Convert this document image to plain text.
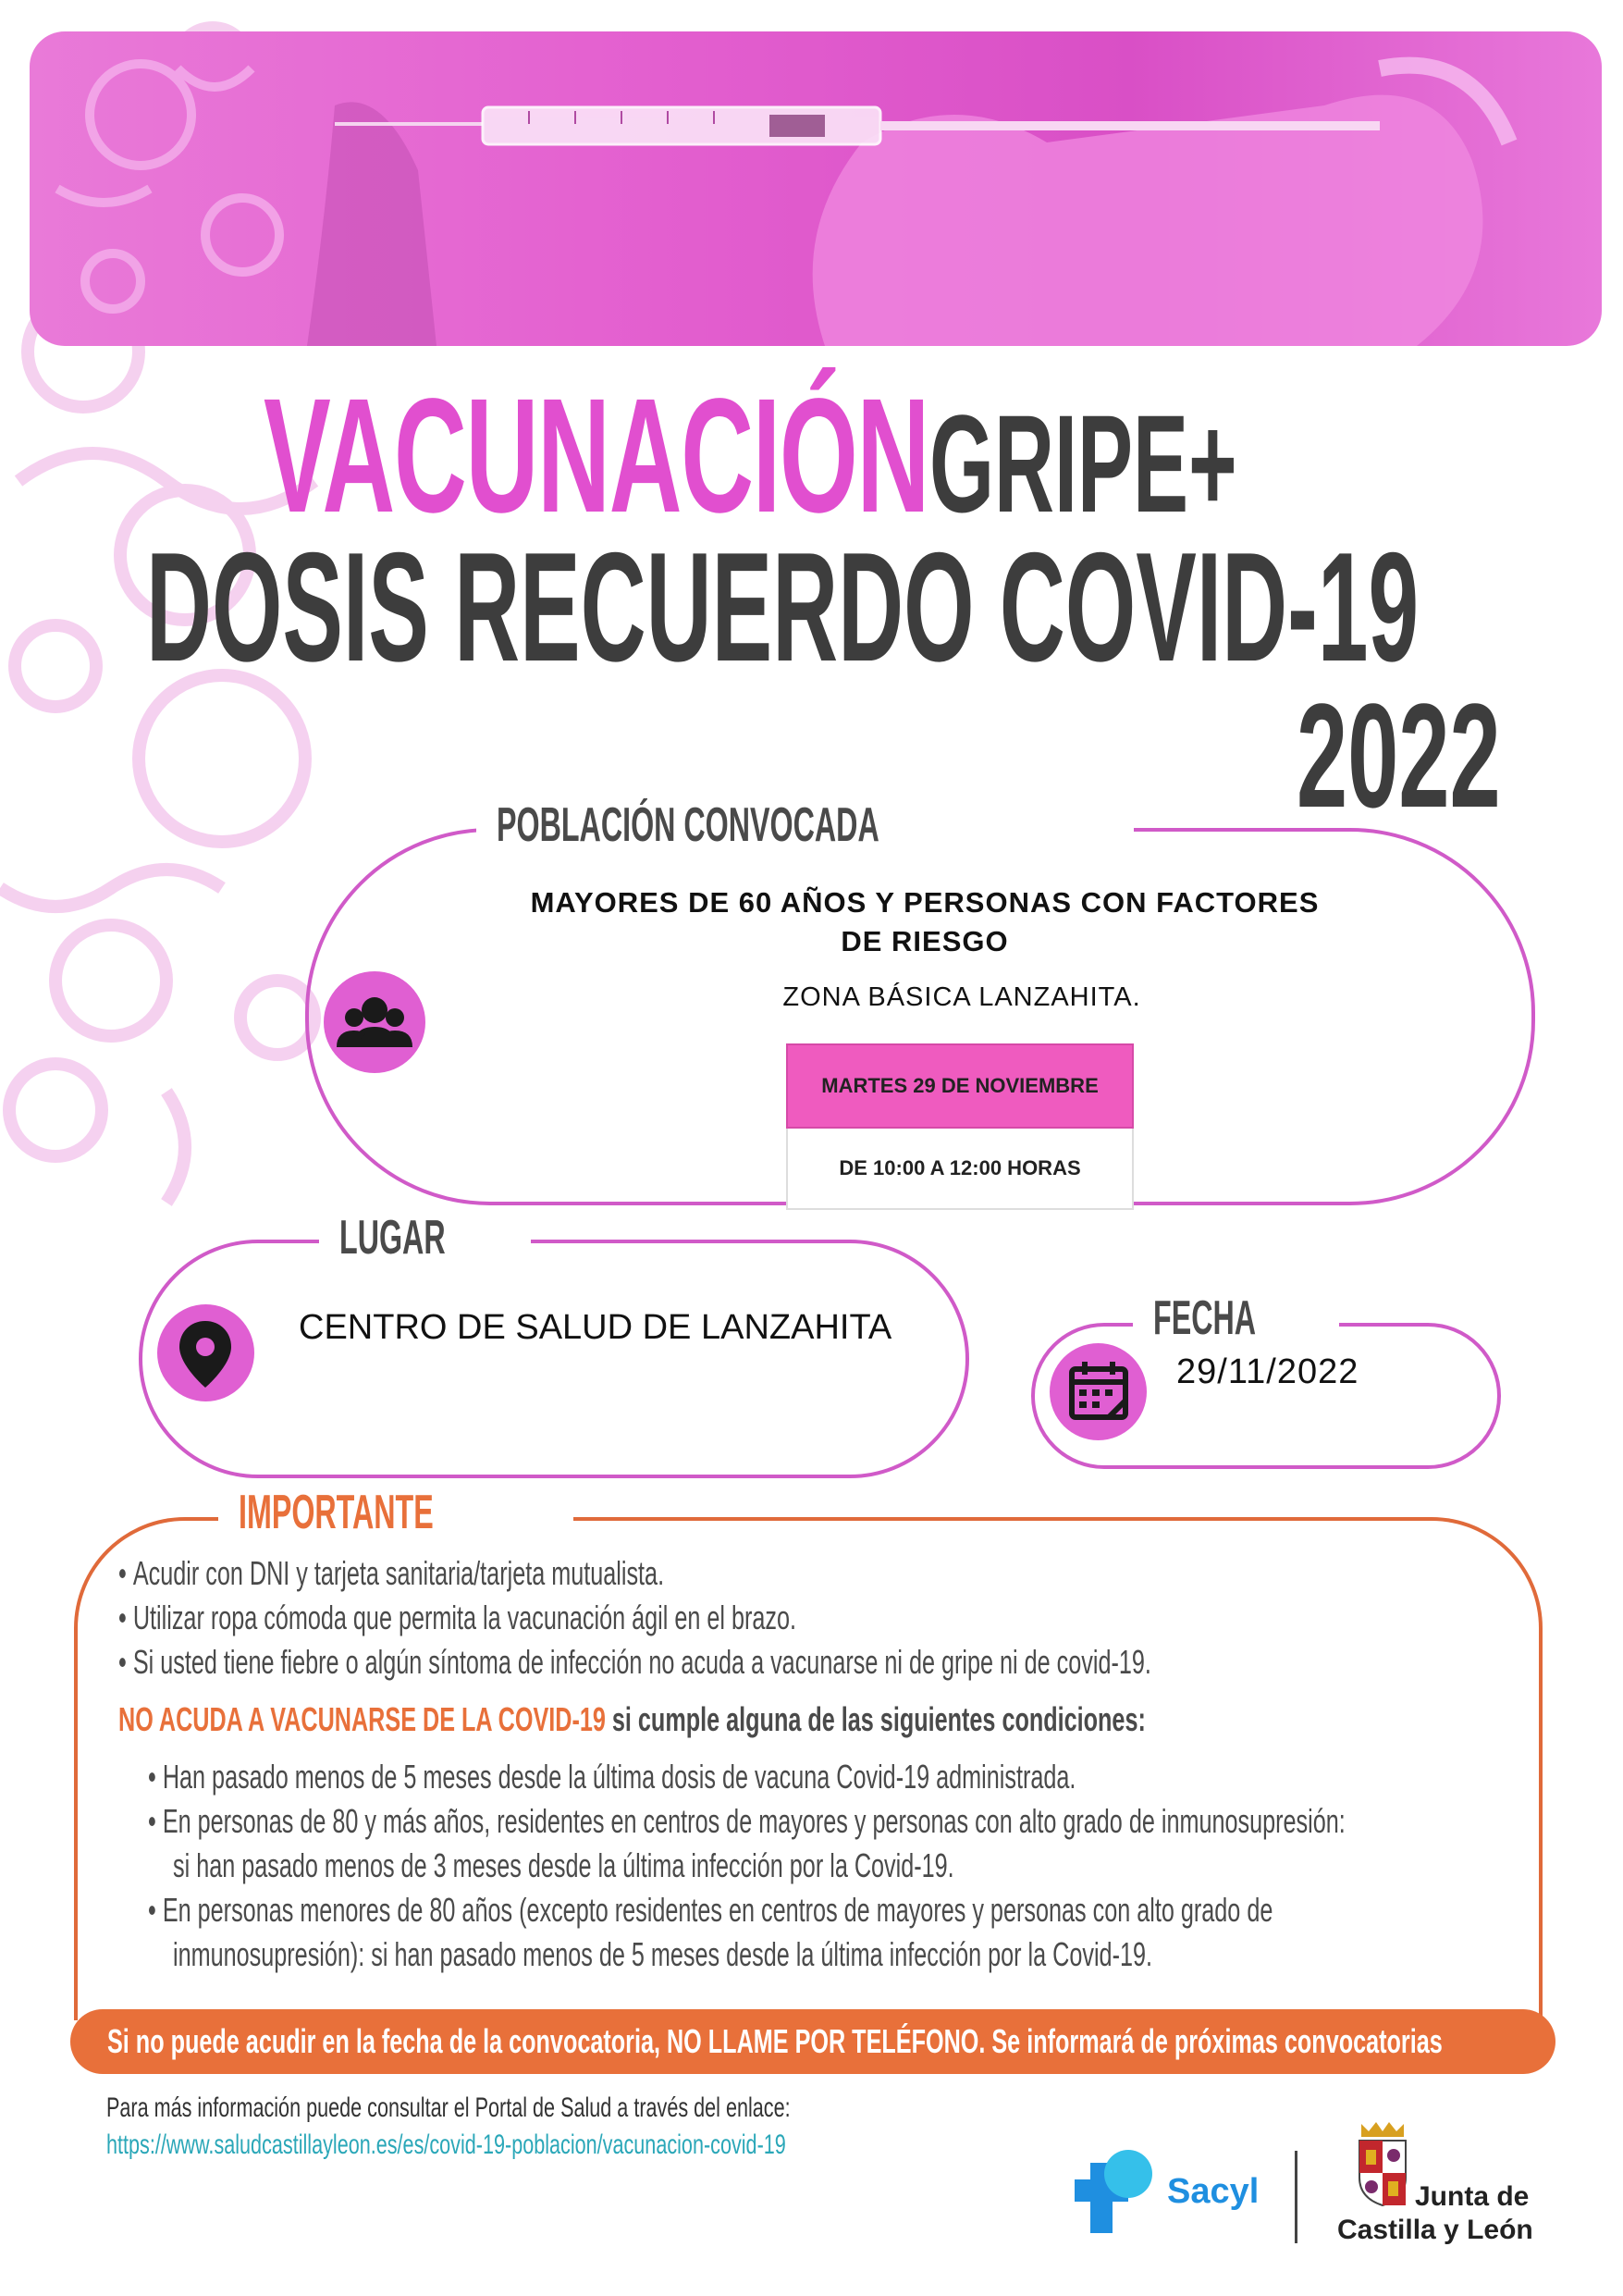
VACUNACIÓN GRIPE+
DOSIS RECUERDO COVID-19
2022
POBLACIÓN CONVOCADA
MAYORES DE 60 AÑOS Y PERSONAS CON FACTORES
DE RIESGO
ZONA BÁSICA LANZAHITA.
MARTES 29 DE NOVIEMBRE
DE 10:00 A 12:00 HORAS
LUGAR
CENTRO DE SALUD DE LANZAHITA	FECHA
29/11/2022
IMPORTANTE
• Acudir con DNI y tarjeta sanitaria/tarjeta mutualista.
• Utilizar ropa cómoda que permita la vacunación ágil en el brazo.
• Si usted tiene fiebre o algún síntoma de infección no acuda a vacunarse ni de gripe ni de covid-19.
NO ACUDA A VACUNARSE DE LA COVID-19 si cumple alguna de las siguientes condiciones:
• Han pasado menos de 5 meses desde la última dosis de vacuna Covid-19 administrada.
• En personas de 80 y más años, residentes en centros de mayores y personas con alto grado de inmunosupresión:
si han pasado menos de 3 meses desde la última infección por la Covid-19.
• En personas menores de 80 años (excepto residentes en centros de mayores y personas con alto grado de
inmunosupresión): si han pasado menos de 5 meses desde la última infección por la Covid-19.
Si no puede acudir en la fecha de la convocatoria, NO LLAME POR TELÉFONO. Se informará de próximas convocatorias
Para más información puede consultar el Portal de Salud a través del enlace:
https://www.saludcastillayleon.es/es/covid-19-poblacion/vacunacion-covid-19
Sacyl	Junta de
Castilla y León
